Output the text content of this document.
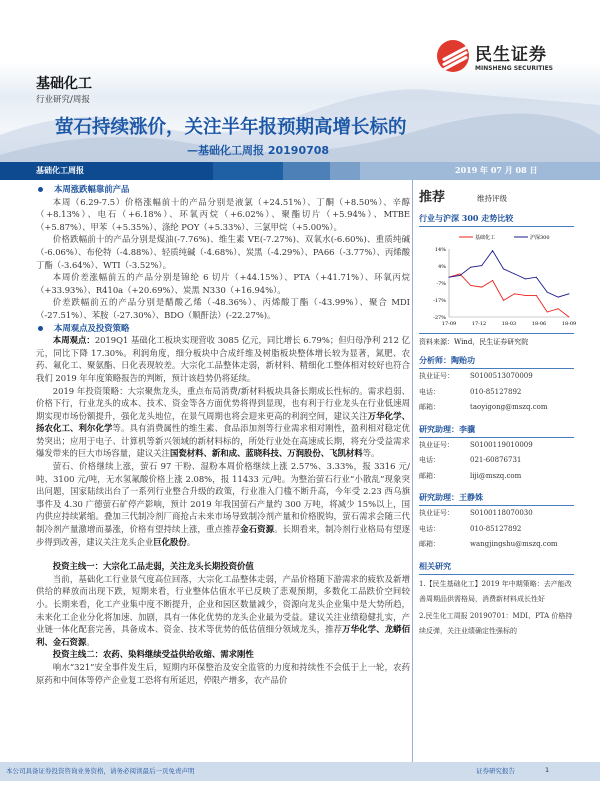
民生证券
MINSHENG SECURITIES
基础化工
行业研究/周报
萤石持续涨价，关注半年报预期高增长标的
—基础化工周报 20190708
基础化工周报	2019 年 07 月 08 日
本周涨跌幅靠前产品

本周（6.29-7.5）价格涨幅前十的产品分别是液氯（+24.51%）、丁酮（+8.50%）、辛醇（+8.13%）、电石（+6.18%）、环氧丙烷（+6.02%）、聚酯切片（+5.94%）、MTBE（+5.87%）、甲苯（+5.35%）、涤纶 POY（+5.33%）、三氯甲烷（+5.00%）。

价格跌幅前十的产品分别是煤油(-7.76%)、维生素 VE(-7.27%)、双氧水(-6.60%)、重质纯碱（-6.06%）、布伦特（-4.88%）、轻质纯碱（-4.68%）、炭黑（-4.29%）、PA66（-3.77%）、丙烯酸丁酯（-3.64%）、WTI（-3.52%）。

本周价差涨幅前五的产品分别是锦纶 6 切片（+44.15%）、PTA（+41.71%）、环氧丙烷（+33.93%）、R410a（+20.69%）、炭黑 N330（+16.94%）。

价差跌幅前五的产品分别是醋酸乙烯（-48.36%）、丙烯酸丁酯（-43.99%）、聚合 MDI（-27.51%）、苯胺（-27.30%）、BDO（顺酐法）(-22.27%)。

本周观点及投资策略

本周观点：2019Q1 基础化工板块实现营收 3085 亿元，同比增长 6.79%；但归母净利 212 亿元，同比下降 17.30%。利润角度，细分板块中合成纤维及树脂板块整体增长较为显著，氮肥、农药、氟化工、聚氨酯、日化表现较差。大宗化工品整体走弱，新材料、精细化工整体相对较好也符合我们 2019 年年度策略报告的判断，预计该趋势仍将延续。

2019 年投资策略：大宗聚焦龙头，重点布局消费/新材料板块具备长期成长性标的。需求趋弱、价格下行，行业龙头的成本、技术、资金等各方面优势将得到显现，也有利于行业龙头在行业低速周期实现市场份额提升，强化龙头地位，在景气周期也将会迎来更高的利润空间，建议关注万华化学、扬农化工、利尔化学等。具有消费属性的维生素、食品添加剂等行业需求相对刚性，盈利相对稳定优势突出；应用于电子、计算机等新兴领域的新材料标的，所处行业处在高速成长期，将充分受益需求爆发带来的巨大市场容量，建议关注国瓷材料、新和成、蓝晓科技、万润股份、飞凯材料等。

萤石、价格继续上涨，萤石 97 干粉、湿粉本周价格继续上涨 2.57%、3.33%，报 3316 元/吨、3100 元/吨，无水氢氟酸价格上涨 2.08%，报 11433 元/吨。为整治萤石行业“小散乱”现象突出问题，国家陆续出台了一系列行业整合升级的政策，行业准入门槛不断升高，今年受 2.23 西乌旗事件及 4.30 广德萤石矿停产影响，预计 2019 年我国萤石产量约 300 万吨，将减少 15%以上，国内供应持续紧缩。叠加三代制冷剂厂商抢占未来市场导致制冷剂产量和价格脱钩，萤石需求会随三代制冷剂产量激增而暴涨，价格有望持续上涨，重点推荐金石资源。长期看来，制冷剂行业格局有望逐步得到改善，建议关注龙头企业巨化股份。

投资主线一：大宗化工品走弱，关注龙头长期投资价值

当前，基础化工行业景气度高位回落，大宗化工品整体走弱，产品价格随下游需求的疲软及新增供给的释放而出现下跌，短期来看，行业整体估值水平已反映了悲观预期，多数化工品跌价空间较小。长期来看，化工产业集中度不断提升，企业和园区数量减少，资源向龙头企业集中是大势所趋，未来化工企业分化将加速、加剧，具有一体化优势的龙头企业最为受益。建议关注业绩稳健扎实，产业链一体化配套完善，具备成本、资金、技术等优势的低估值细分领域龙头，推荐万华化学、龙蟒佰利、金石资源。

投资主线二：农药、染料继续受益供给收缩、需求刚性

响水“321”安全事件发生后，短期内环保整治及安全监管的力度和持续性不会低于上一轮，农药原药和中间体等停产企业复工恐将有所延迟，停限产增多，农产品价

推荐	维持评级
行业与沪深 300 走势比较
14%
4%
-7%
-17%
-27%
17-09	17-12	18-03	18-06	18-09
基础化工	沪深300
资料来源：Wind，民生证券研究院
分析师：陶贻功
执业证号：	S0100513070009
电话：	010-85127892
邮箱：	taoyigong@mszq.com
研究助理：李骥
执业证号：	S0100119010009
电话：	021-60876731
邮箱：	liji@mszq.com
研究助理：王静姝
执业证号：	S0100118070030
电话：	010-85127892
邮箱：	wangjingshu@mszq.com
相关研究
1.【民生基础化工】2019 年中期策略：去产能改善周期品供需格局，消费新材料成长性好
2.民生化工周报 20190701：MDI、PTA 价格持续反弹，关注业绩确定性强标的
本公司具备证券投资咨询业务资格，请务必阅读最后一页免责声明	证券研究报告	1
